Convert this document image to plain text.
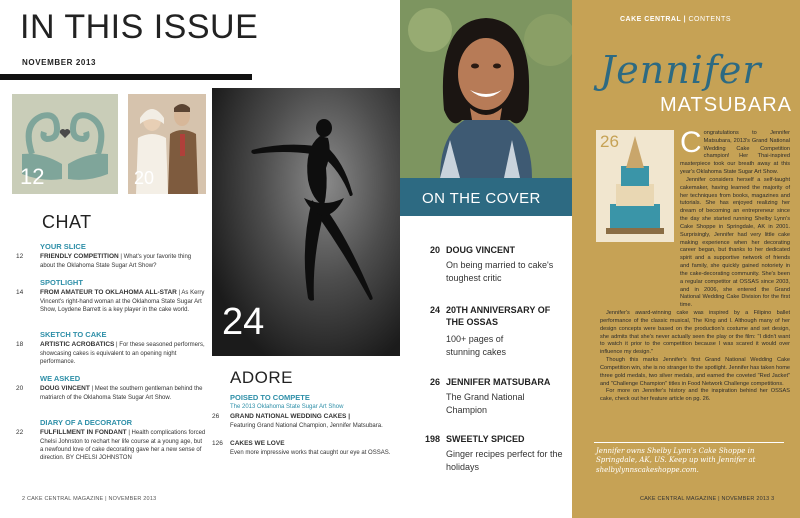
IN THIS ISSUE
NOVEMBER 2013
12	20
CHAT
YOUR SLICE
12	FRIENDLY COMPETITION | What's your favorite thing about the Oklahoma State Sugar Art Show?
SPOTLIGHT
14	FROM AMATEUR TO OKLAHOMA ALL-STAR | As Kerry Vincent's right-hand woman at the Oklahoma State Sugar Art Show, Loydene Barrett is a key player in the cake world.
SKETCH TO CAKE
18	ARTISTIC ACROBATICS | For these seasoned performers, showcasing cakes is equivalent to an opening night performance.
WE ASKED
20	DOUG VINCENT | Meet the southern gentleman behind the matriarch of the Oklahoma State Sugar Art Show.
DIARY OF A DECORATOR
22	FULFILLMENT IN FONDANT | Health complications forced Chelsi Johnston to rechart her life course at a young age, but a newfound love of cake decorating gave her a new sense of direction. BY CHELSI JOHNSTON
24
ADORE
POISED TO COMPETE
The 2013 Oklahoma State Sugar Art Show
26	GRAND NATIONAL WEDDING CAKES |
Featuring Grand National Champion, Jennifer Matsubara.
126	CAKES WE LOVE
Even more impressive works that caught our eye at OSSAS.
2 CAKE CENTRAL MAGAZINE | NOVEMBER 2013
ON THE COVER
20 DOUG VINCENT
On being married to cake's toughest critic
24 20TH ANNIVERSARY OF THE OSSAS
100+ pages of stunning cakes
26 JENNIFER MATSUBARA
The Grand National Champion
198 SWEETLY SPICED
Ginger recipes perfect for the holidays
CAKE CENTRAL | CONTENTS
Jennifer
MATSUBARA
26 C ongratulations to Jennifer Matsubara, 2013's Grand National Wedding Cake Competition champion! Her Thai-inspired masterpiece took our breath away at this year's Oklahoma State Sugar Art Show.

Jennifer considers herself a self-taught cakemaker, having learned the majority of her techniques from books, magazines and tutorials. She has enjoyed realizing her dream of becoming an entrepreneur since the day she started running Shelby Lynn's Cake Shoppe in Springdale, AK in 2001. Surprisingly, Jennifer had very little cake making experience when her decorating career began, but thanks to her dedicated spirit and a supportive network of friends and family, she quickly gained notoriety in the cake-decorating community. She's been a regular competitor at OSSAS since 2003, and in 2006, she entered the Grand National Wedding Cake Division for the first time.

Jennifer's award-winning cake was inspired by a Filipino ballet performance of the classic musical, The King and I. Although many of her design concepts were based on the production's costume and set design, she admits that she's never actually seen the play or the film: "I didn't want to watch it prior to the competition because I was scared it would over influence my design."

Though this marks Jennifer's first Grand National Wedding Cake Competition win, she is no stranger to the spotlight. Jennifer has taken home three gold medals, two silver medals, and earned the coveted "Red Jacket" and "Challenge Champion" titles in Food Network Challenge competitions.

For more on Jennifer's history and the inspiration behind her OSSAS cake, check out her feature article on pg. 26.

Jennifer owns Shelby Lynn's Cake Shoppe in Springdale, AK, US. Keep up with Jennifer at shelbylynnscakeshoppe.com.
CAKE CENTRAL MAGAZINE | NOVEMBER 2013 3
